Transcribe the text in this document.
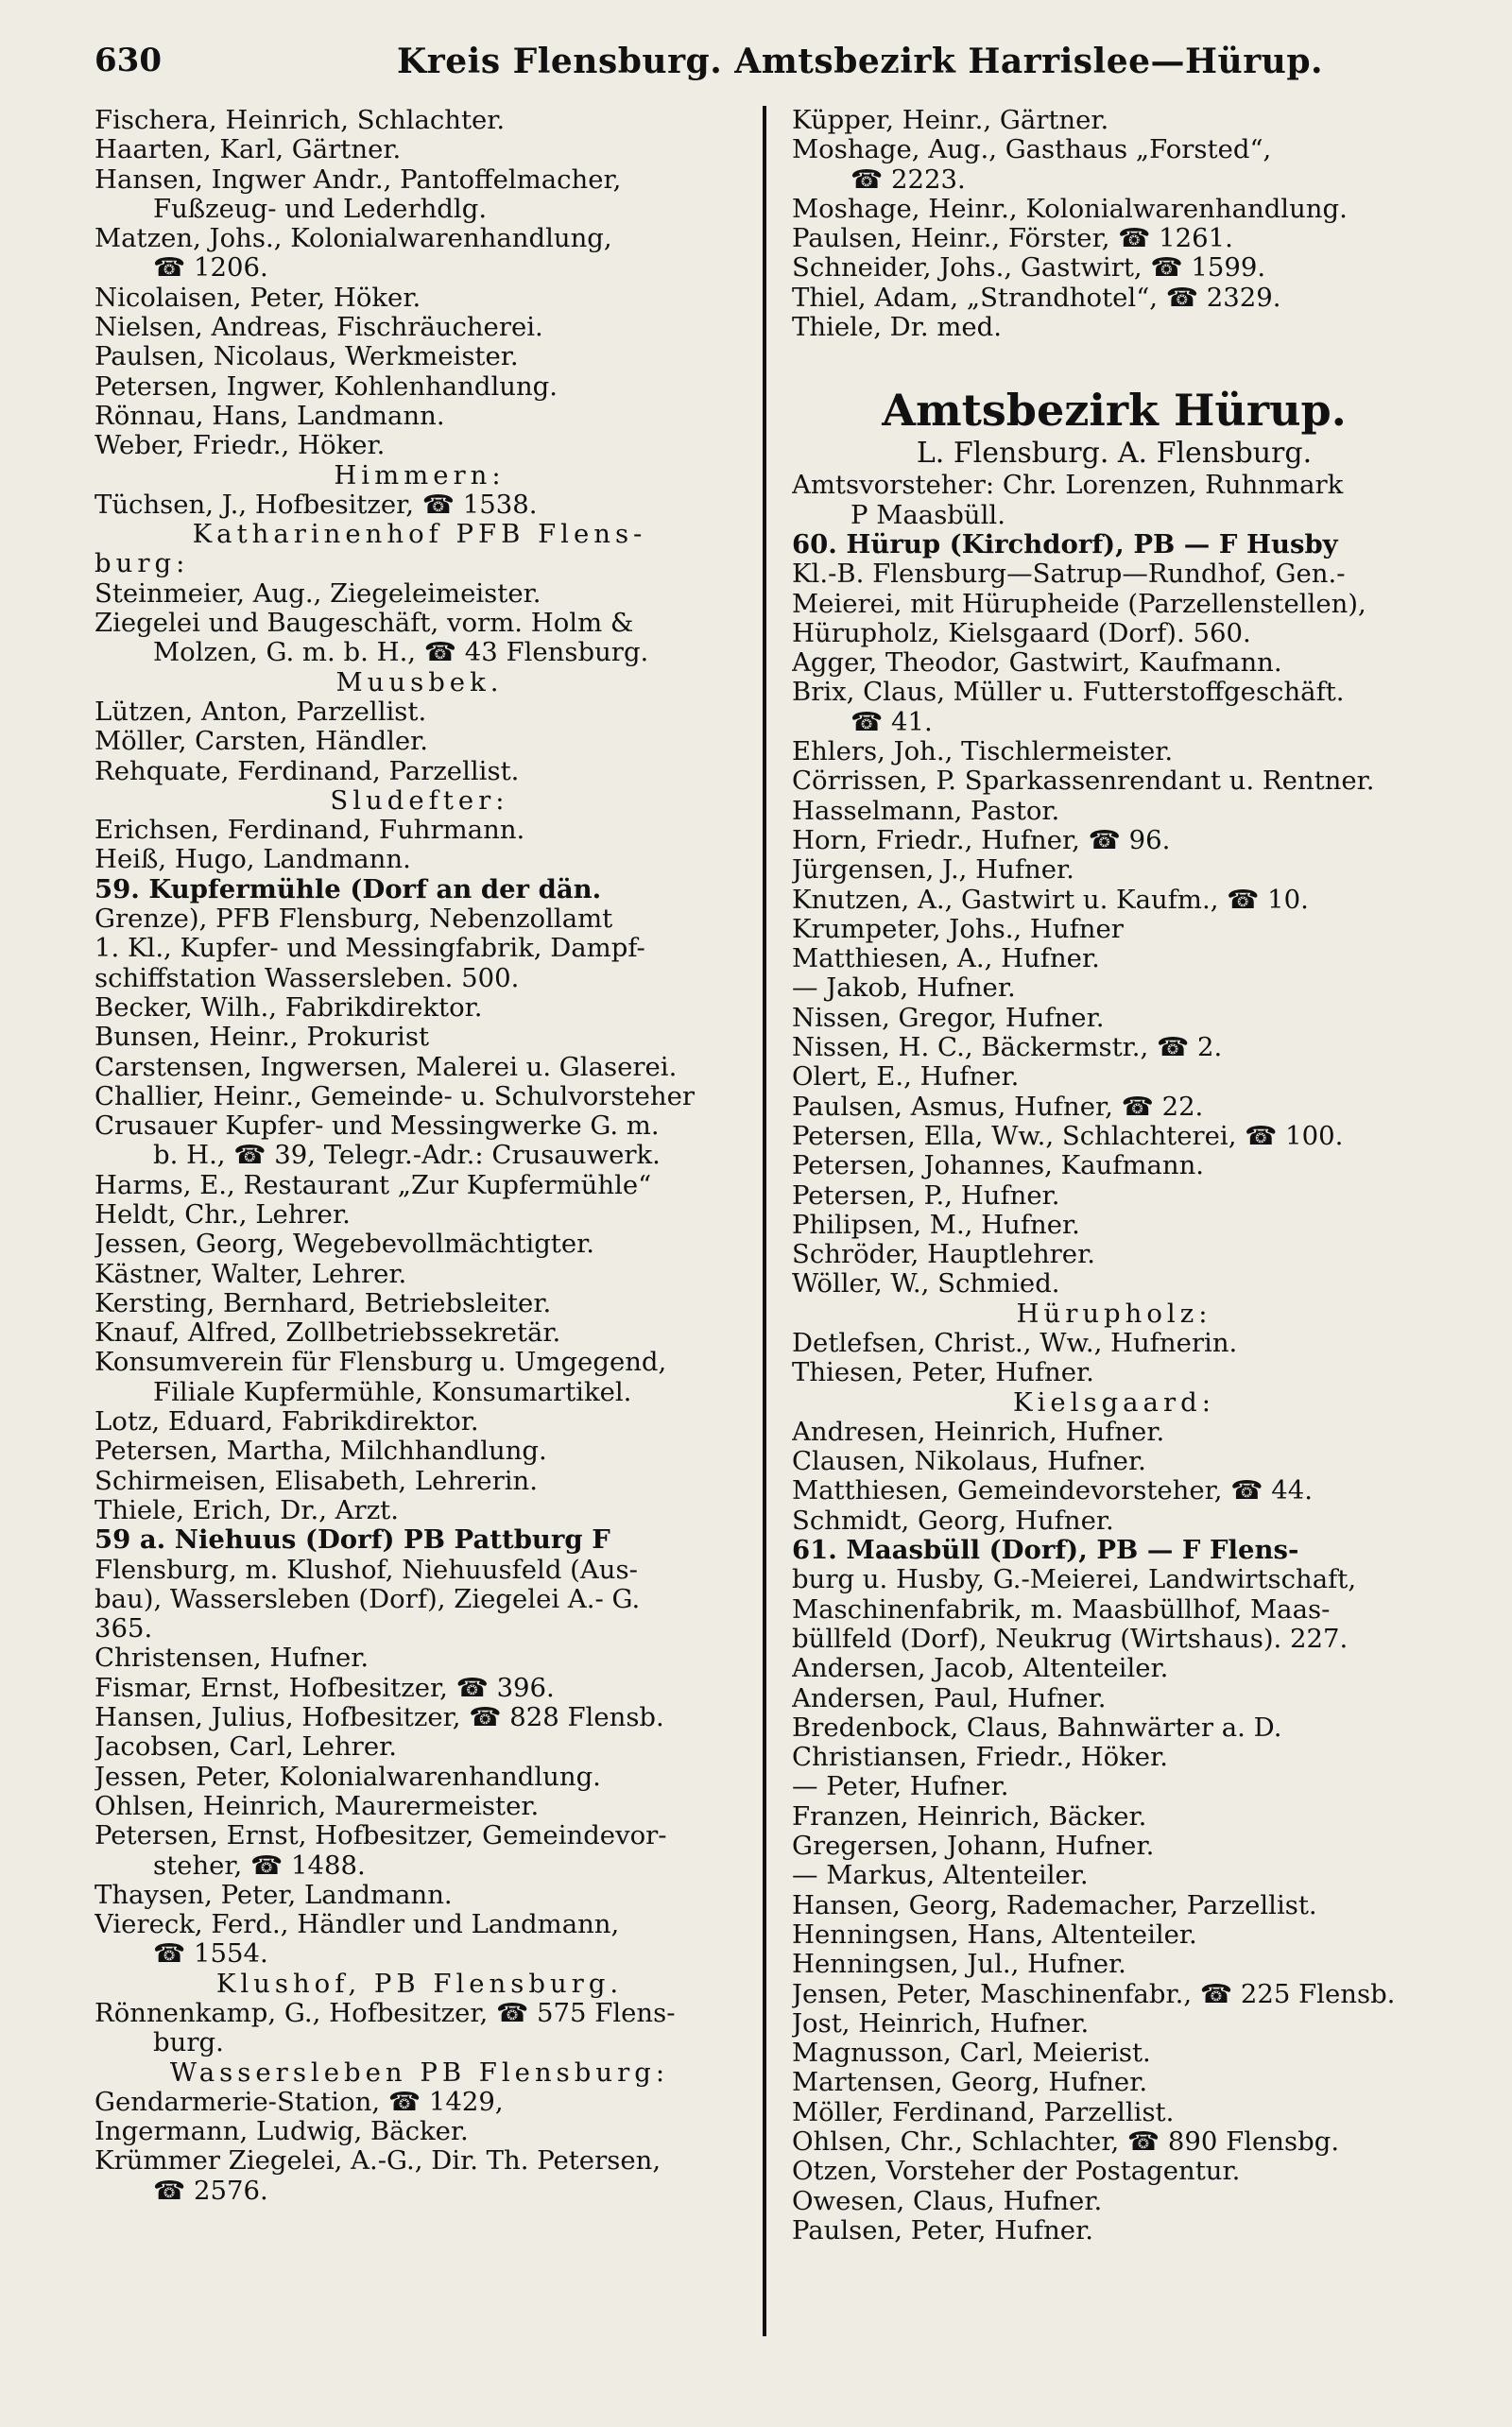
630	Kreis Flensburg. Amtsbezirk Harrislee—Hürup.
Fischera, Heinrich, Schlachter.
Haarten, Karl, Gärtner.
Hansen, Ingwer Andr., Pantoffelmacher,
Fußzeug- und Lederhdlg.
Matzen, Johs., Kolonialwarenhandlung,
☎ 1206.
Nicolaisen, Peter, Höker.
Nielsen, Andreas, Fischräucherei.
Paulsen, Nicolaus, Werkmeister.
Petersen, Ingwer, Kohlenhandlung.
Rönnau, Hans, Landmann.
Weber, Friedr., Höker.
Himmern:
Tüchsen, J., Hofbesitzer, ☎ 1538.
Katharinenhof PFB Flens-
burg:
Steinmeier, Aug., Ziegeleimeister.
Ziegelei und Baugeschäft, vorm. Holm &
Molzen, G. m. b. H., ☎ 43 Flensburg.
Muusbek.
Lützen, Anton, Parzellist.
Möller, Carsten, Händler.
Rehquate, Ferdinand, Parzellist.
Sludefter:
Erichsen, Ferdinand, Fuhrmann.
Heiß, Hugo, Landmann.
59. Kupfermühle (Dorf an der dän.
Grenze), PFB Flensburg, Nebenzollamt
1. Kl., Kupfer- und Messingfabrik, Dampf-
schiffstation Wassersleben. 500.
Becker, Wilh., Fabrikdirektor.
Bunsen, Heinr., Prokurist
Carstensen, Ingwersen, Malerei u. Glaserei.
Challier, Heinr., Gemeinde- u. Schulvorsteher
Crusauer Kupfer- und Messingwerke G. m.
b. H., ☎ 39, Telegr.-Adr.: Crusauwerk.
Harms, E., Restaurant „Zur Kupfermühle“
Heldt, Chr., Lehrer.
Jessen, Georg, Wegebevollmächtigter.
Kästner, Walter, Lehrer.
Kersting, Bernhard, Betriebsleiter.
Knauf, Alfred, Zollbetriebssekretär.
Konsumverein für Flensburg u. Umgegend,
Filiale Kupfermühle, Konsumartikel.
Lotz, Eduard, Fabrikdirektor.
Petersen, Martha, Milchhandlung.
Schirmeisen, Elisabeth, Lehrerin.
Thiele, Erich, Dr., Arzt.
59 a. Niehuus (Dorf) PB Pattburg F
Flensburg, m. Klushof, Niehuusfeld (Aus-
bau), Wassersleben (Dorf), Ziegelei A.- G.
365.
Christensen, Hufner.
Fismar, Ernst, Hofbesitzer, ☎ 396.
Hansen, Julius, Hofbesitzer, ☎ 828 Flensb.
Jacobsen, Carl, Lehrer.
Jessen, Peter, Kolonialwarenhandlung.
Ohlsen, Heinrich, Maurermeister.
Petersen, Ernst, Hofbesitzer, Gemeindevor-
steher, ☎ 1488.
Thaysen, Peter, Landmann.
Viereck, Ferd., Händler und Landmann,
☎ 1554.
Klushof, PB Flensburg.
Rönnenkamp, G., Hofbesitzer, ☎ 575 Flens-
burg.
Wassersleben PB Flensburg:
Gendarmerie-Station, ☎ 1429,
Ingermann, Ludwig, Bäcker.
Krümmer Ziegelei, A.-G., Dir. Th. Petersen,
☎ 2576.
Küpper, Heinr., Gärtner.
Moshage, Aug., Gasthaus „Forsted“,
☎ 2223.
Moshage, Heinr., Kolonialwarenhandlung.
Paulsen, Heinr., Förster, ☎ 1261.
Schneider, Johs., Gastwirt, ☎ 1599.
Thiel, Adam, „Strandhotel“, ☎ 2329.
Thiele, Dr. med.
Amtsbezirk Hürup.
L. Flensburg. A. Flensburg.
Amtsvorsteher: Chr. Lorenzen, Ruhnmark
P Maasbüll.
60. Hürup (Kirchdorf), PB — F Husby
Kl.-B. Flensburg—Satrup—Rundhof, Gen.-
Meierei, mit Hürupheide (Parzellenstellen),
Hürupholz, Kielsgaard (Dorf). 560.
Agger, Theodor, Gastwirt, Kaufmann.
Brix, Claus, Müller u. Futterstoffgeschäft.
☎ 41.
Ehlers, Joh., Tischlermeister.
Cörrissen, P. Sparkassenrendant u. Rentner.
Hasselmann, Pastor.
Horn, Friedr., Hufner, ☎ 96.
Jürgensen, J., Hufner.
Knutzen, A., Gastwirt u. Kaufm., ☎ 10.
Krumpeter, Johs., Hufner
Matthiesen, A., Hufner.
— Jakob, Hufner.
Nissen, Gregor, Hufner.
Nissen, H. C., Bäckermstr., ☎ 2.
Olert, E., Hufner.
Paulsen, Asmus, Hufner, ☎ 22.
Petersen, Ella, Ww., Schlachterei, ☎ 100.
Petersen, Johannes, Kaufmann.
Petersen, P., Hufner.
Philipsen, M., Hufner.
Schröder, Hauptlehrer.
Wöller, W., Schmied.
Hürupholz:
Detlefsen, Christ., Ww., Hufnerin.
Thiesen, Peter, Hufner.
Kielsgaard:
Andresen, Heinrich, Hufner.
Clausen, Nikolaus, Hufner.
Matthiesen, Gemeindevorsteher, ☎ 44.
Schmidt, Georg, Hufner.
61. Maasbüll (Dorf), PB — F Flens-
burg u. Husby, G.-Meierei, Landwirtschaft,
Maschinenfabrik, m. Maasbüllhof, Maas-
büllfeld (Dorf), Neukrug (Wirtshaus). 227.
Andersen, Jacob, Altenteiler.
Andersen, Paul, Hufner.
Bredenbock, Claus, Bahnwärter a. D.
Christiansen, Friedr., Höker.
— Peter, Hufner.
Franzen, Heinrich, Bäcker.
Gregersen, Johann, Hufner.
— Markus, Altenteiler.
Hansen, Georg, Rademacher, Parzellist.
Henningsen, Hans, Altenteiler.
Henningsen, Jul., Hufner.
Jensen, Peter, Maschinenfabr., ☎ 225 Flensb.
Jost, Heinrich, Hufner.
Magnusson, Carl, Meierist.
Martensen, Georg, Hufner.
Möller, Ferdinand, Parzellist.
Ohlsen, Chr., Schlachter, ☎ 890 Flensbg.
Otzen, Vorsteher der Postagentur.
Owesen, Claus, Hufner.
Paulsen, Peter, Hufner.
